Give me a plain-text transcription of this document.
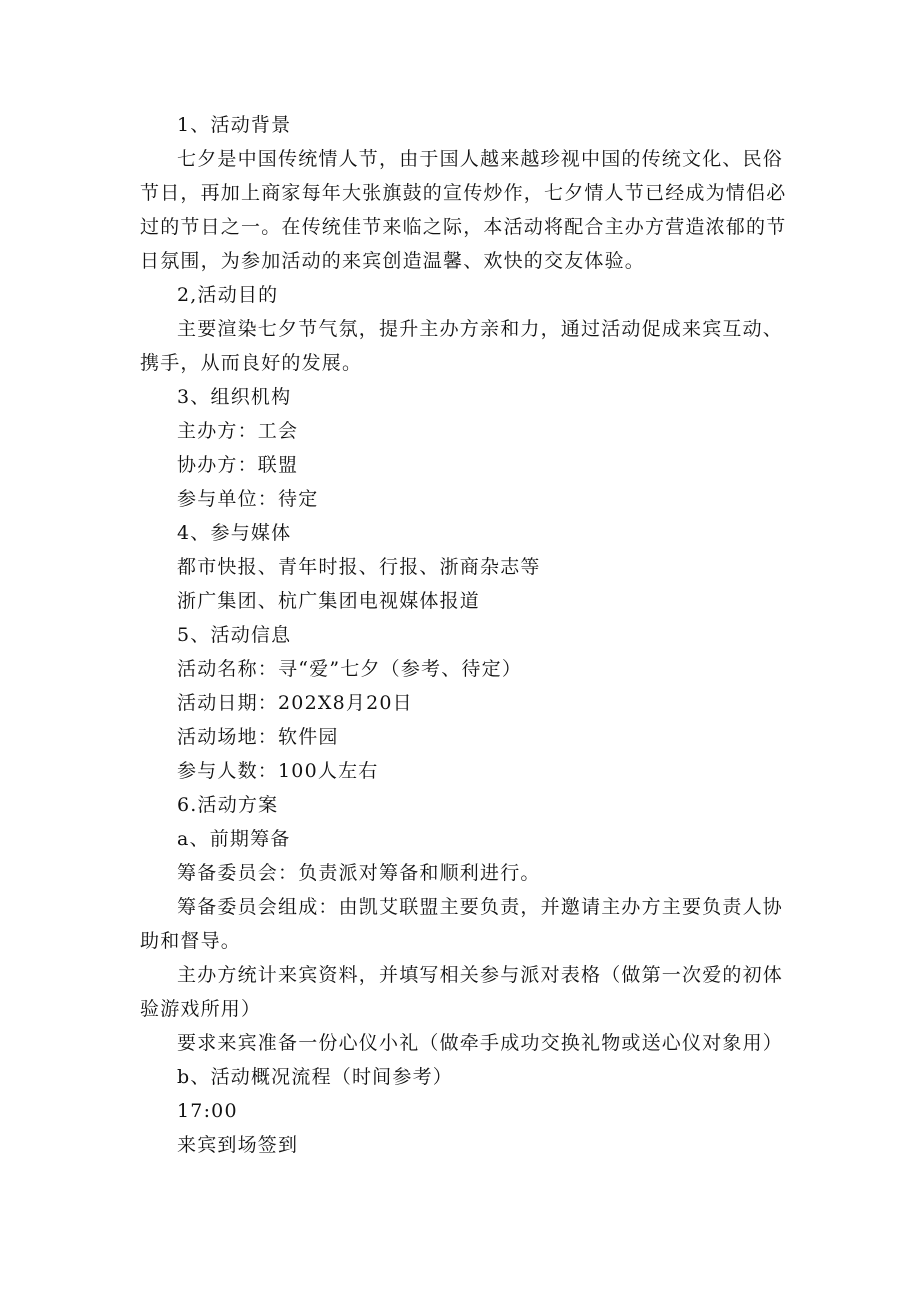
1、活动背景

七夕是中国传统情人节，由于国人越来越珍视中国的传统文化、民俗节日，再加上商家每年大张旗鼓的宣传炒作，七夕情人节已经成为情侣必过的节日之一。在传统佳节来临之际，本活动将配合主办方营造浓郁的节日氛围，为参加活动的来宾创造温馨、欢快的交友体验。

2,活动目的

主要渲染七夕节气氛，提升主办方亲和力，通过活动促成来宾互动、携手，从而良好的发展。

3、组织机构

主办方：工会

协办方：联盟

参与单位：待定

4、参与媒体

都市快报、青年时报、行报、浙商杂志等

浙广集团、杭广集团电视媒体报道

5、活动信息

活动名称：寻“爱”七夕（参考、待定）

活动日期：202X8月20日

活动场地：软件园

参与人数：100人左右

6.活动方案

a、前期筹备

筹备委员会：负责派对筹备和顺利进行。

筹备委员会组成：由凯艾联盟主要负责，并邀请主办方主要负责人协助和督导。

主办方统计来宾资料，并填写相关参与派对表格（做第一次爱的初体验游戏所用）

要求来宾准备一份心仪小礼（做牵手成功交换礼物或送心仪对象用）

b、活动概况流程（时间参考）

17:00

来宾到场签到
